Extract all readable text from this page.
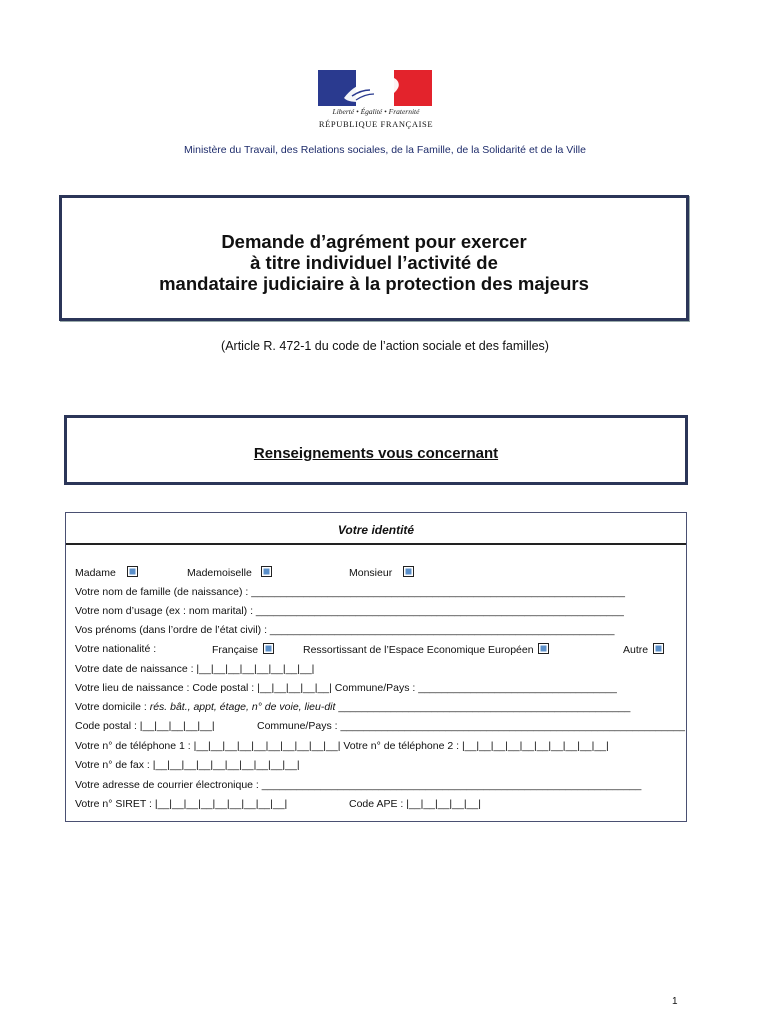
Liberté • Égalité • Fraternité
RÉPUBLIQUE FRANÇAISE
Ministère du Travail, des Relations sociales, de la Famille, de la Solidarité et de la Ville
Demande d’agrément pour exercer
à titre individuel l’activité de
mandataire judiciaire à la protection des majeurs
(Article R. 472-1 du code de l’action sociale et des familles)
Renseignements vous concernant
Votre identité
Madame	Mademoiselle	Monsieur
Votre nom de famille (de naissance) : ________________________________________________________________
Votre nom d’usage (ex : nom marital) : _______________________________________________________________
Vos prénoms (dans l’ordre de l’état civil) : ___________________________________________________________
Votre nationalité :	Française	Ressortissant de l’Espace Economique Européen	Autre
Votre date de naissance : |__|__|__|__|__|__|__|__|
Votre lieu de naissance : Code postal : |__|__|__|__|__| Commune/Pays : __________________________________
Votre domicile : rés. bât., appt, étage, n° de voie, lieu-dit __________________________________________________
Code postal : |__|__|__|__|__|	Commune/Pays : ___________________________________________________________
Votre n° de téléphone 1 : |__|__|__|__|__|__|__|__|__|__| Votre n° de téléphone 2 : |__|__|__|__|__|__|__|__|__|__|
Votre n° de fax : |__|__|__|__|__|__|__|__|__|__|
Votre adresse de courrier électronique : _________________________________________________________________
Votre n° SIRET : |__|__|__|__|__|__|__|__|__|	Code APE : |__|__|__|__|__|
1
